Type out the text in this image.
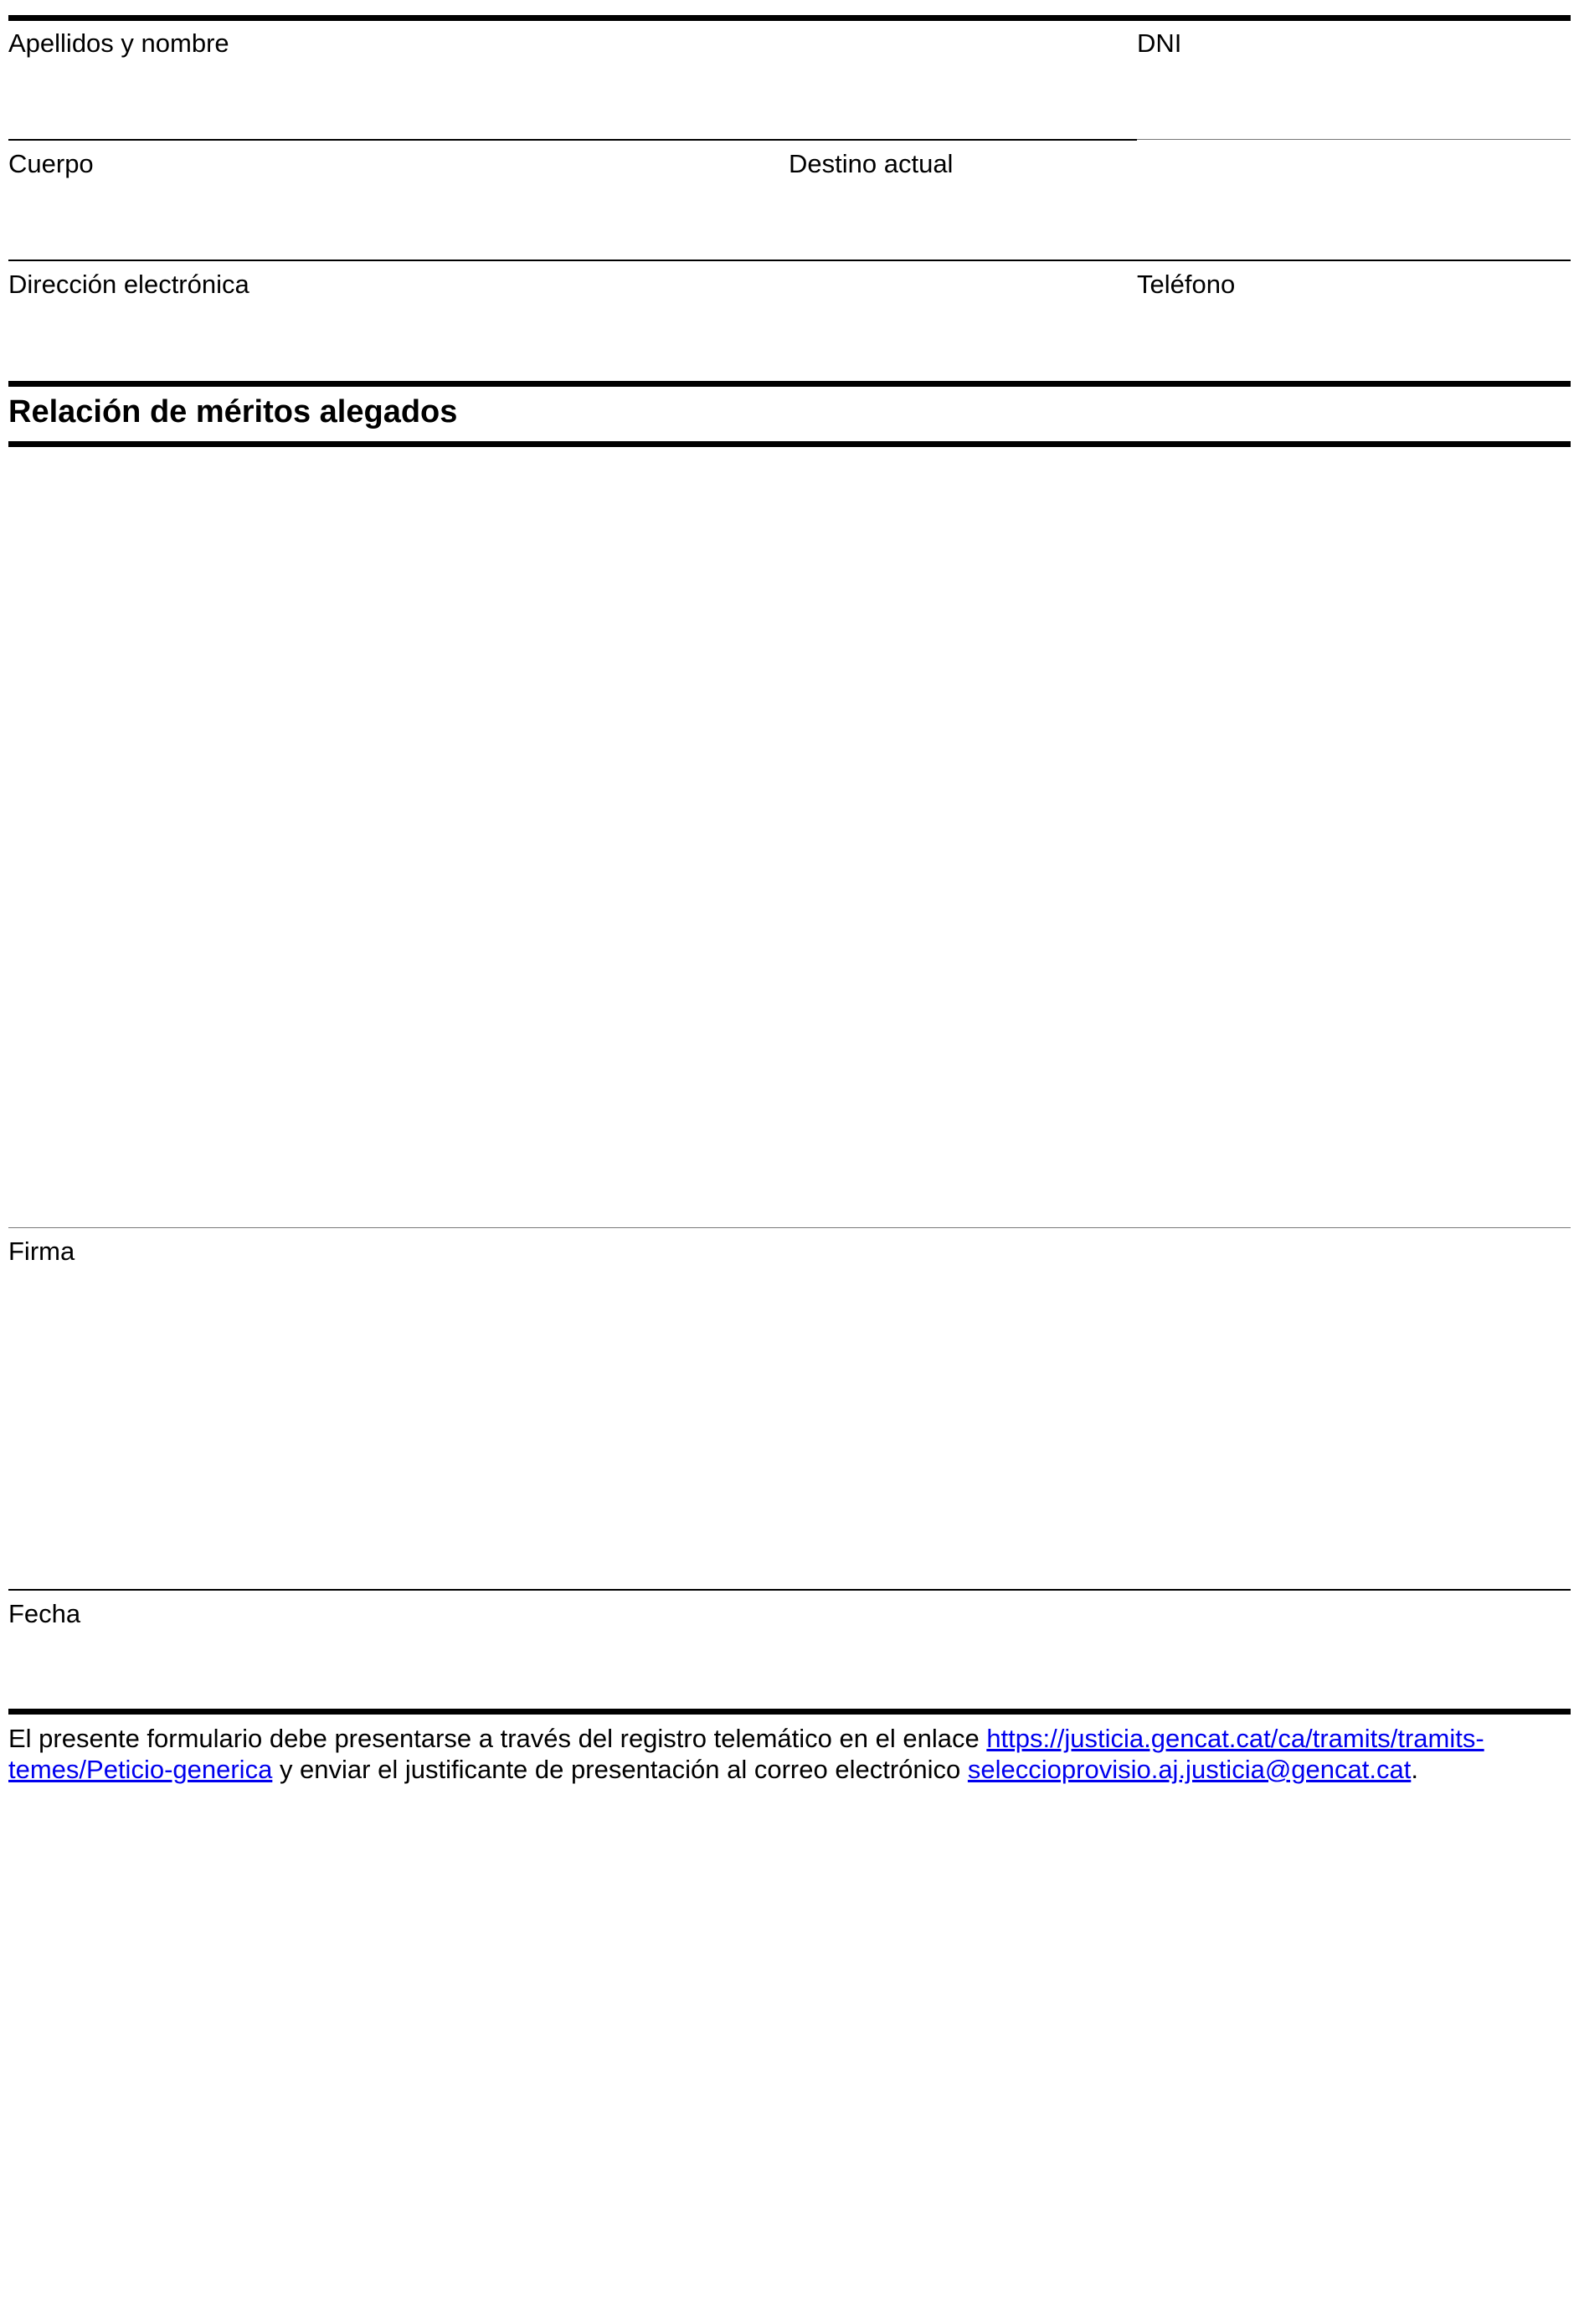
Apellidos y nombre	DNI
Cuerpo	Destino actual
Dirección electrónica	Teléfono
Relación de méritos alegados
Firma
Fecha
El presente formulario debe presentarse a través del registro telemático en el enlace https://justicia.gencat.cat/ca/tramits/tramits-temes/Peticio-generica y enviar el justificante de presentación al correo electrónico seleccioprovisio.aj.justicia@gencat.cat.
